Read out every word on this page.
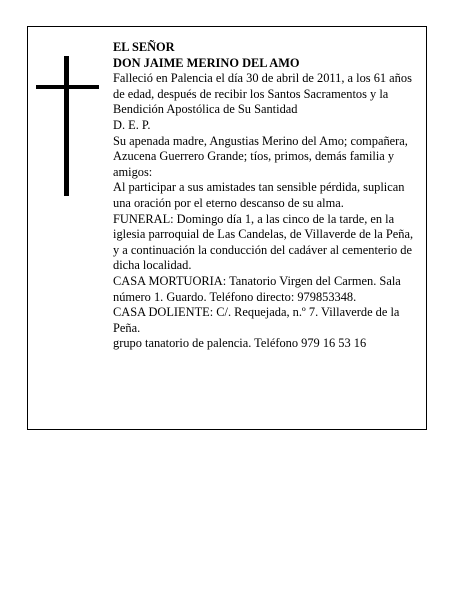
EL SEÑOR

DON JAIME MERINO DEL AMO

Falleció en Palencia el día 30 de abril de 2011, a los 61 años de edad, después de recibir los Santos Sacramentos y la Bendición Apostólica de Su Santidad

D. E. P.

Su apenada madre, Angustias Merino del Amo; compañera, Azucena Guerrero Grande; tíos, primos, demás familia y amigos:

Al participar a sus amistades tan sensible pérdida, suplican una oración por el eterno descanso de su alma.

FUNERAL: Domingo día 1, a las cinco de la tarde, en la iglesia parroquial de Las Candelas, de Villaverde de la Peña, y a continuación la conducción del cadáver al cementerio de dicha localidad.

CASA MORTUORIA: Tanatorio Virgen del Carmen. Sala número 1. Guardo. Teléfono directo: 979853348.

CASA DOLIENTE: C/. Requejada, n.º 7. Villaverde de la Peña.

grupo tanatorio de palencia. Teléfono 979 16 53 16
